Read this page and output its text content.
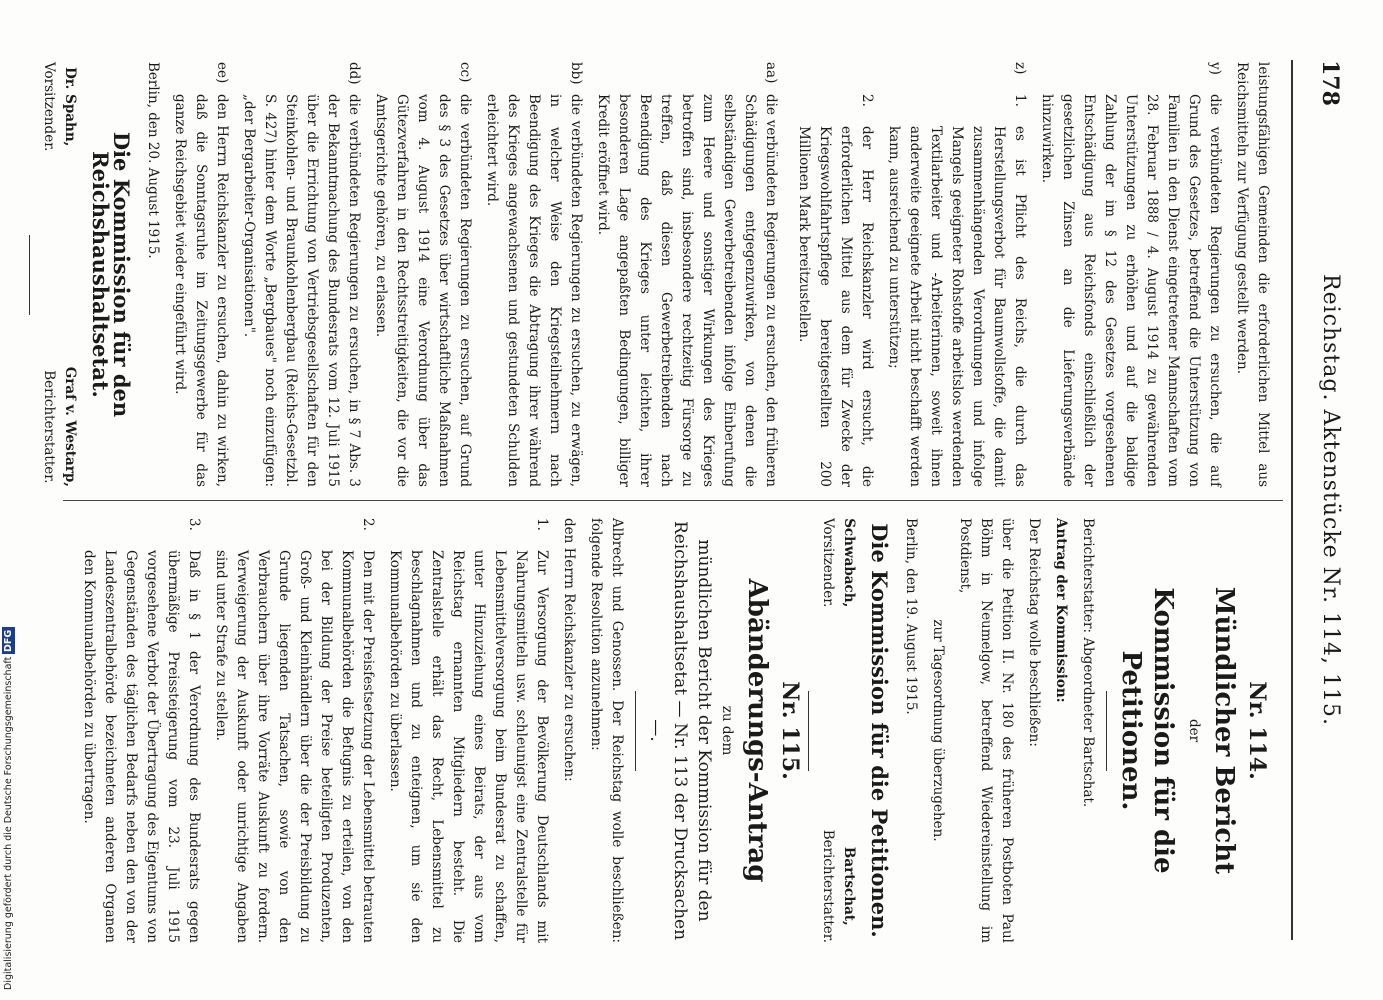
178
Reichstag. Aktenstücke Nr. 114, 115.

leistungsfähigen Gemeinden die erforderlichen Mittel aus Reichsmitteln zur Verfügung gestellt werden.

y)
die verbündeten Regierungen zu ersuchen, die auf Grund des Gesetzes, betreffend die Unterstützung von Familien in den Dienst eingetretener Mannschaften vom 28. Februar 1888 / 4. August 1914 zu gewährenden Unterstützungen zu erhöhen und auf die baldige Zahlung der im § 12 des Gesetzes vorgesehenen Entschädigung aus Reichsfonds einschließlich der gesetzlichen Zinsen an die Lieferungsverbände hinzuwirken.
z)
1.
es ist Pflicht des Reichs, die durch das Herstellungsverbot für Baumwollstoffe, die damit zusammenhängenden Verordnungen und infolge Mangels geeigneter Rohstoffe arbeitslos werdenden Textilarbeiter und -Arbeiterinnen, soweit ihnen anderweite geeignete Arbeit nicht beschafft werden kann, ausreichend zu unterstützen;
2.
der Herr Reichskanzler wird ersucht, die erforderlichen Mittel aus dem für Zwecke der Kriegswohlfahrtspflege bereitgestellten 200 Millionen Mark bereitzustellen.
aa)
die verbündeten Regierungen zu ersuchen, den früheren Schädigungen entgegenzuwirken, von denen die selbständigen Gewerbetreibenden infolge Einberufung zum Heere und sonstiger Wirkungen des Krieges betroffen sind, insbesondere rechtzeitig Fürsorge zu treffen, daß diesen Gewerbetreibenden nach Beendigung des Krieges unter leichten, ihrer besonderen Lage angepaßten Bedingungen, billiger Kredit eröffnet wird.
bb)
die verbündeten Regierungen zu ersuchen, zu erwägen, in welcher Weise den Kriegsteilnehmern nach Beendigung des Krieges die Abtragung ihrer während des Krieges angewachsenen und gestundeten Schulden erleichtert wird.
cc)
die verbündeten Regierungen zu ersuchen, auf Grund des § 3 des Gesetzes über wirtschaftliche Maßnahmen vom 4. August 1914 eine Verordnung über das Gütezverfahren in den Rechtsstreitigkeiten, die vor die Amtsgerichte gehören, zu erlassen.
dd)
die verbündeten Regierungen zu ersuchen, in § 7 Abs. 3 der Bekanntmachung des Bundesrats vom 12. Juli 1915 über die Errichtung von Vertriebsgesellschaften für den Steinkohlen- und Braunkohlenbergbau (Reichs-Gesetzbl. S. 427) hinter dem Worte „Bergbaues" noch einzufügen: „der Bergarbeiter-Organisationen".
ee)
den Herrn Reichskanzler zu ersuchen, dahin zu wirken, daß die Sonntagsruhe im Zeitungsgewerbe für das ganze Reichsgebiet wieder eingeführt wird.

Berlin, den 20. August 1915.

Die Kommission für den Reichshaushaltsetat.
Dr. Spahn,
Vorsitzender.
Graf v. Westarp,
Berichterstatter.
Nr. 114.
Mündlicher Bericht
der
Kommission für die Petitionen.

Berichterstatter: Abgeordneter Bartschat.

Antrag der Kommission:

Der Reichstag wolle beschließen:

über die Petition II. Nr. 180 des früheren Postboten Paul Böhm in Neumelgow, betreffend Wiedereinstellung im Postdienst,

zur Tagesordnung überzugehen.

Berlin, den 19. August 1915.

Die Kommission für die Petitionen.
Schwabach,
Vorsitzender.
Bartschat,
Berichterstatter.
Nr. 115.
Abänderungs-Antrag
zu dem
mündlichen Bericht der Kommission für den Reichshaushaltsetat — Nr. 113 der Drucksachen —.

Albrecht und Genossen. Der Reichstag wolle beschließen: folgende Resolution anzunehmen:

den Herrn Reichskanzler zu ersuchen:

1.
Zur Versorgung der Bevölkerung Deutschlands mit Nahrungsmitteln usw. schleunigst eine Zentralstelle für Lebensmittelversorgung beim Bundesrat zu schaffen, unter Hinzuziehung eines Beirats, der aus vom Reichstag ernannten Mitgliedern besteht. Die Zentralstelle erhält das Recht, Lebensmittel zu beschlagnahmen und zu enteignen, um sie den Kommunalbehörden zu überlassen.
2.
Den mit der Preisfestsetzung der Lebensmittel betrauten Kommunalbehörden die Befugnis zu erteilen, von den bei der Bildung der Preise beteiligten Produzenten, Groß- und Kleinhändlern über die der Preisbildung zu Grunde liegenden Tatsachen, sowie von den Verbrauchern über ihre Vorräte Auskunft zu fordern. Verweigerung der Auskunft oder unrichtige Angaben sind unter Strafe zu stellen.
3.
Daß in § 1 der Verordnung des Bundesrats gegen übermäßige Preissteigerung vom 23. Juli 1915 vorgesehene Verbot der Übertragung des Eigentums von Gegenständen des täglichen Bedarfs neben den von der Landeszentralbehörde bezeichneten anderen Organen den Kommunalbehörden zu übertragen.
Digitalisierung gefördert durch die Deutsche Forschungsgemeinschaft DFG
